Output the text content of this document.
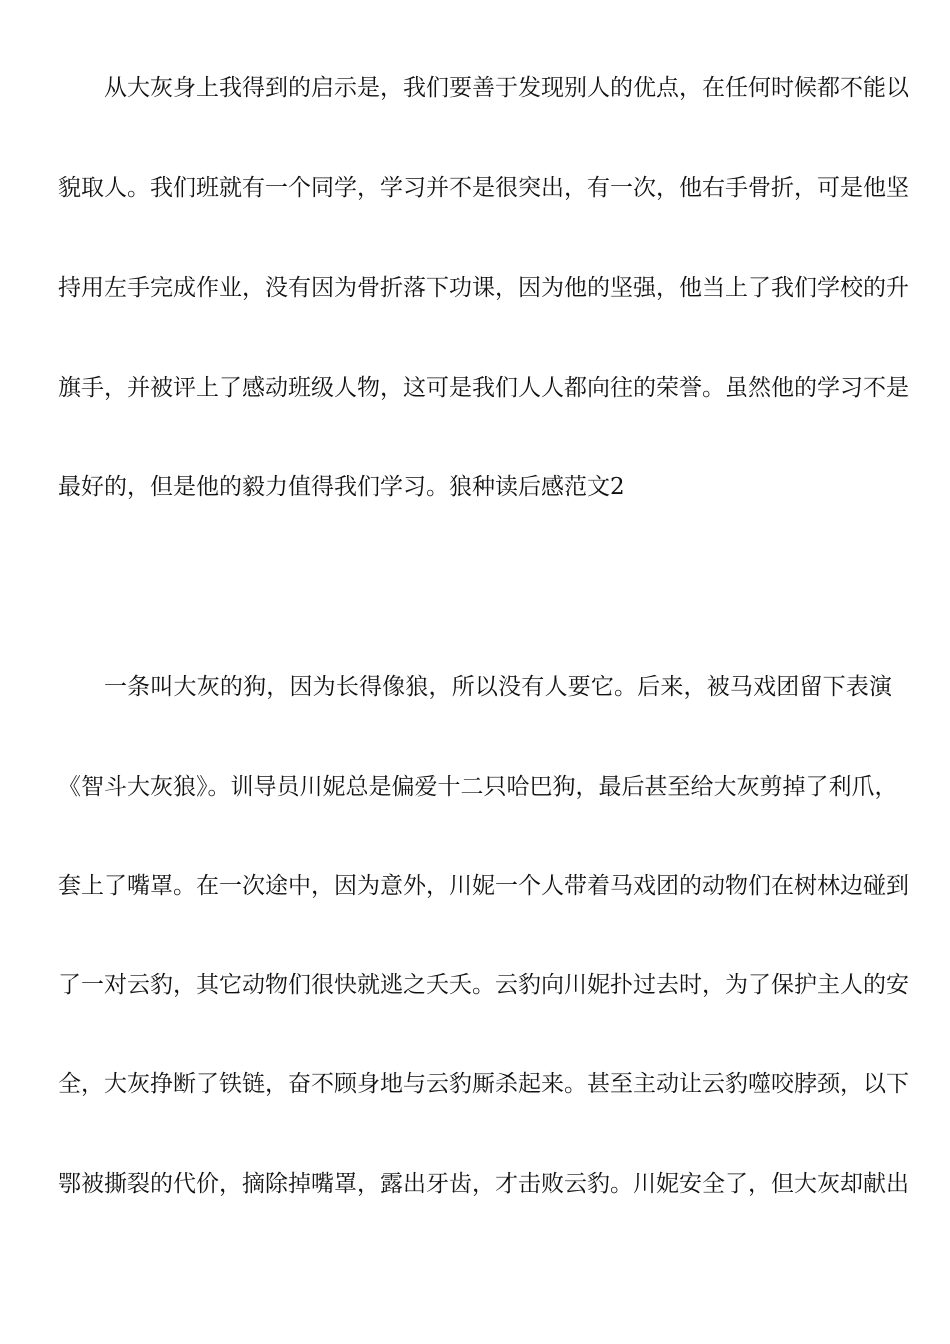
从大灰身上我得到的启示是，我们要善于发现别人的优点，在任何时候都不能以

貌取人。我们班就有一个同学，学习并不是很突出，有一次，他右手骨折，可是他坚

持用左手完成作业，没有因为骨折落下功课，因为他的坚强，他当上了我们学校的升

旗手，并被评上了感动班级人物，这可是我们人人都向往的荣誉。虽然他的学习不是

最好的，但是他的毅力值得我们学习。狼种读后感范文2

一条叫大灰的狗，因为长得像狼，所以没有人要它。后来，被马戏团留下表演

《智斗大灰狼》。训导员川妮总是偏爱十二只哈巴狗，最后甚至给大灰剪掉了利爪，

套上了嘴罩。在一次途中，因为意外，川妮一个人带着马戏团的动物们在树林边碰到

了一对云豹，其它动物们很快就逃之夭夭。云豹向川妮扑过去时，为了保护主人的安

全，大灰挣断了铁链，奋不顾身地与云豹厮杀起来。甚至主动让云豹噬咬脖颈，以下

鄂被撕裂的代价，摘除掉嘴罩，露出牙齿，才击败云豹。川妮安全了，但大灰却献出
